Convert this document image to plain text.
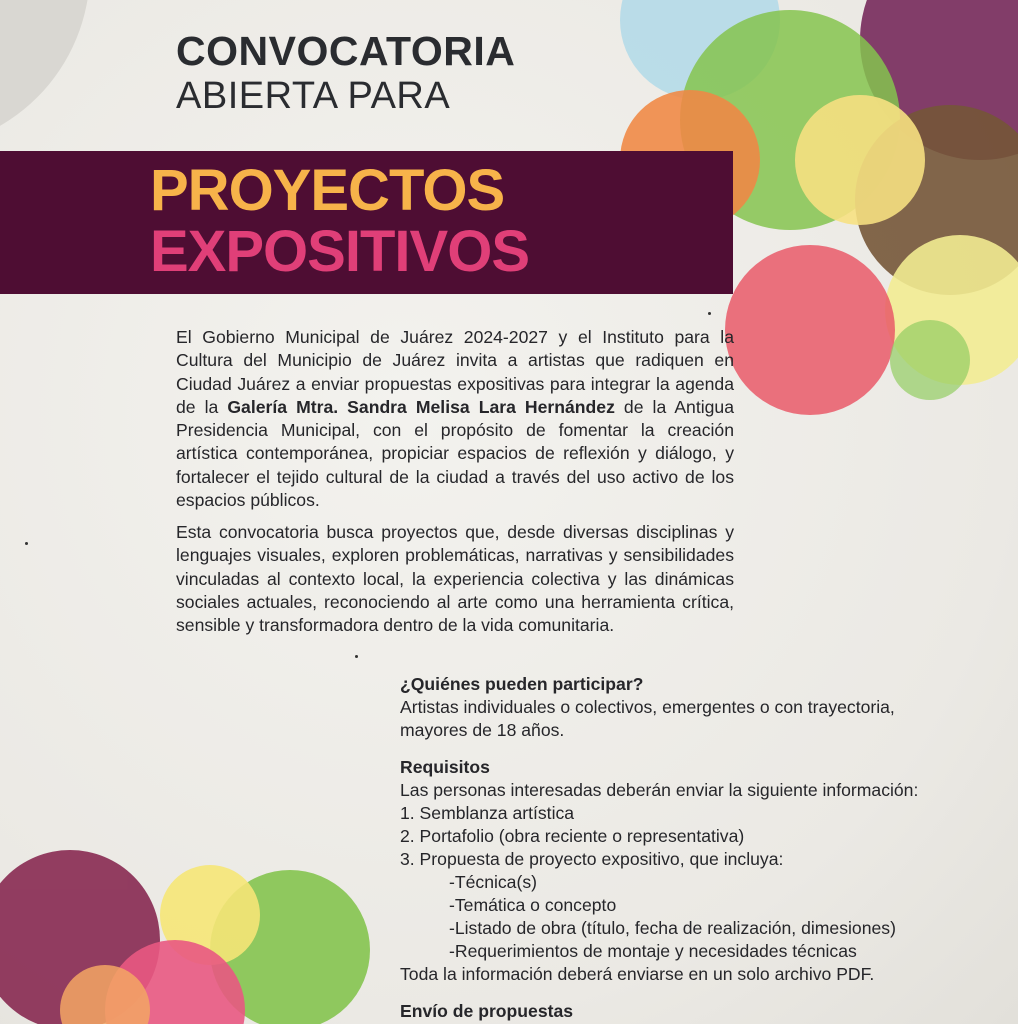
CONVOCATORIA
ABIERTA PARA
PROYECTOS
EXPOSITIVOS
El Gobierno Municipal de Juárez 2024-2027 y el Instituto para la Cultura del Municipio de Juárez invita a artistas que radiquen en Ciudad Juárez a enviar propuestas expositivas para integrar la agenda de la Galería Mtra. Sandra Melisa Lara Hernández de la Antigua Presidencia Municipal, con el propósito de fomentar la creación artística contemporánea, propiciar espacios de reflexión y diálogo, y fortalecer el tejido cultural de la ciudad a través del uso activo de los espacios públicos.
Esta convocatoria busca proyectos que, desde diversas disciplinas y lenguajes visuales, exploren problemáticas, narrativas y sensibilidades vinculadas al contexto local, la experiencia colectiva y las dinámicas sociales actuales, reconociendo al arte como una herramienta crítica, sensible y transformadora dentro de la vida comunitaria.
¿Quiénes pueden participar?
Artistas individuales o colectivos, emergentes o con trayectoria,
mayores de 18 años.
Requisitos
Las personas interesadas deberán enviar la siguiente información:
1. Semblanza artística
2. Portafolio (obra reciente o representativa)
3. Propuesta de proyecto expositivo, que incluya:
-Técnica(s)
-Temática o concepto
-Listado de obra (título, fecha de realización, dimesiones)
-Requerimientos de montaje y necesidades técnicas
Toda la información deberá enviarse en un solo archivo PDF.
Envío de propuestas
